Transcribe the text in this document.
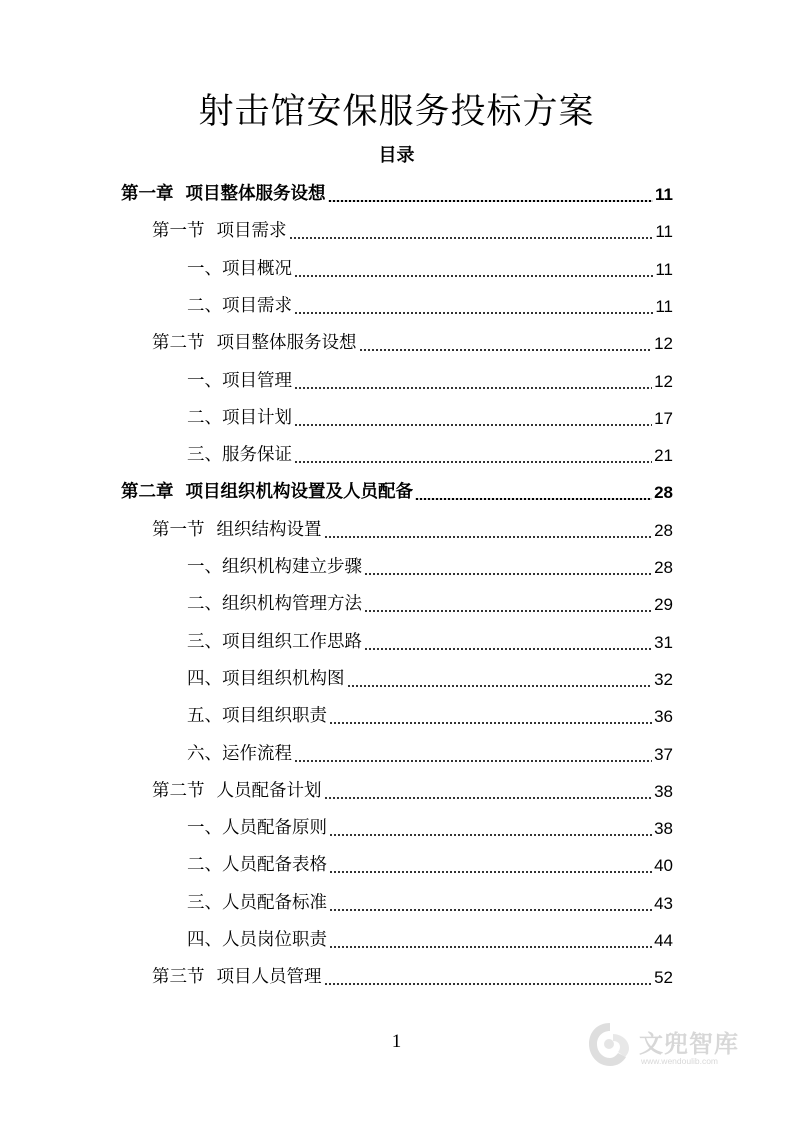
射击馆安保服务投标方案
目录
第一章 项目整体服务设想	11
第一节 项目需求	11
一、项目概况	11
二、项目需求	11
第二节 项目整体服务设想	12
一、项目管理	12
二、项目计划	17
三、服务保证	21
第二章 项目组织机构设置及人员配备	28
第一节 组织结构设置	28
一、组织机构建立步骤	28
二、组织机构管理方法	29
三、项目组织工作思路	31
四、项目组织机构图	32
五、项目组织职责	36
六、运作流程	37
第二节 人员配备计划	38
一、人员配备原则	38
二、人员配备表格	40
三、人员配备标准	43
四、人员岗位职责	44
第三节 项目人员管理	52
1	文兜智库
www.wendoulib.com
